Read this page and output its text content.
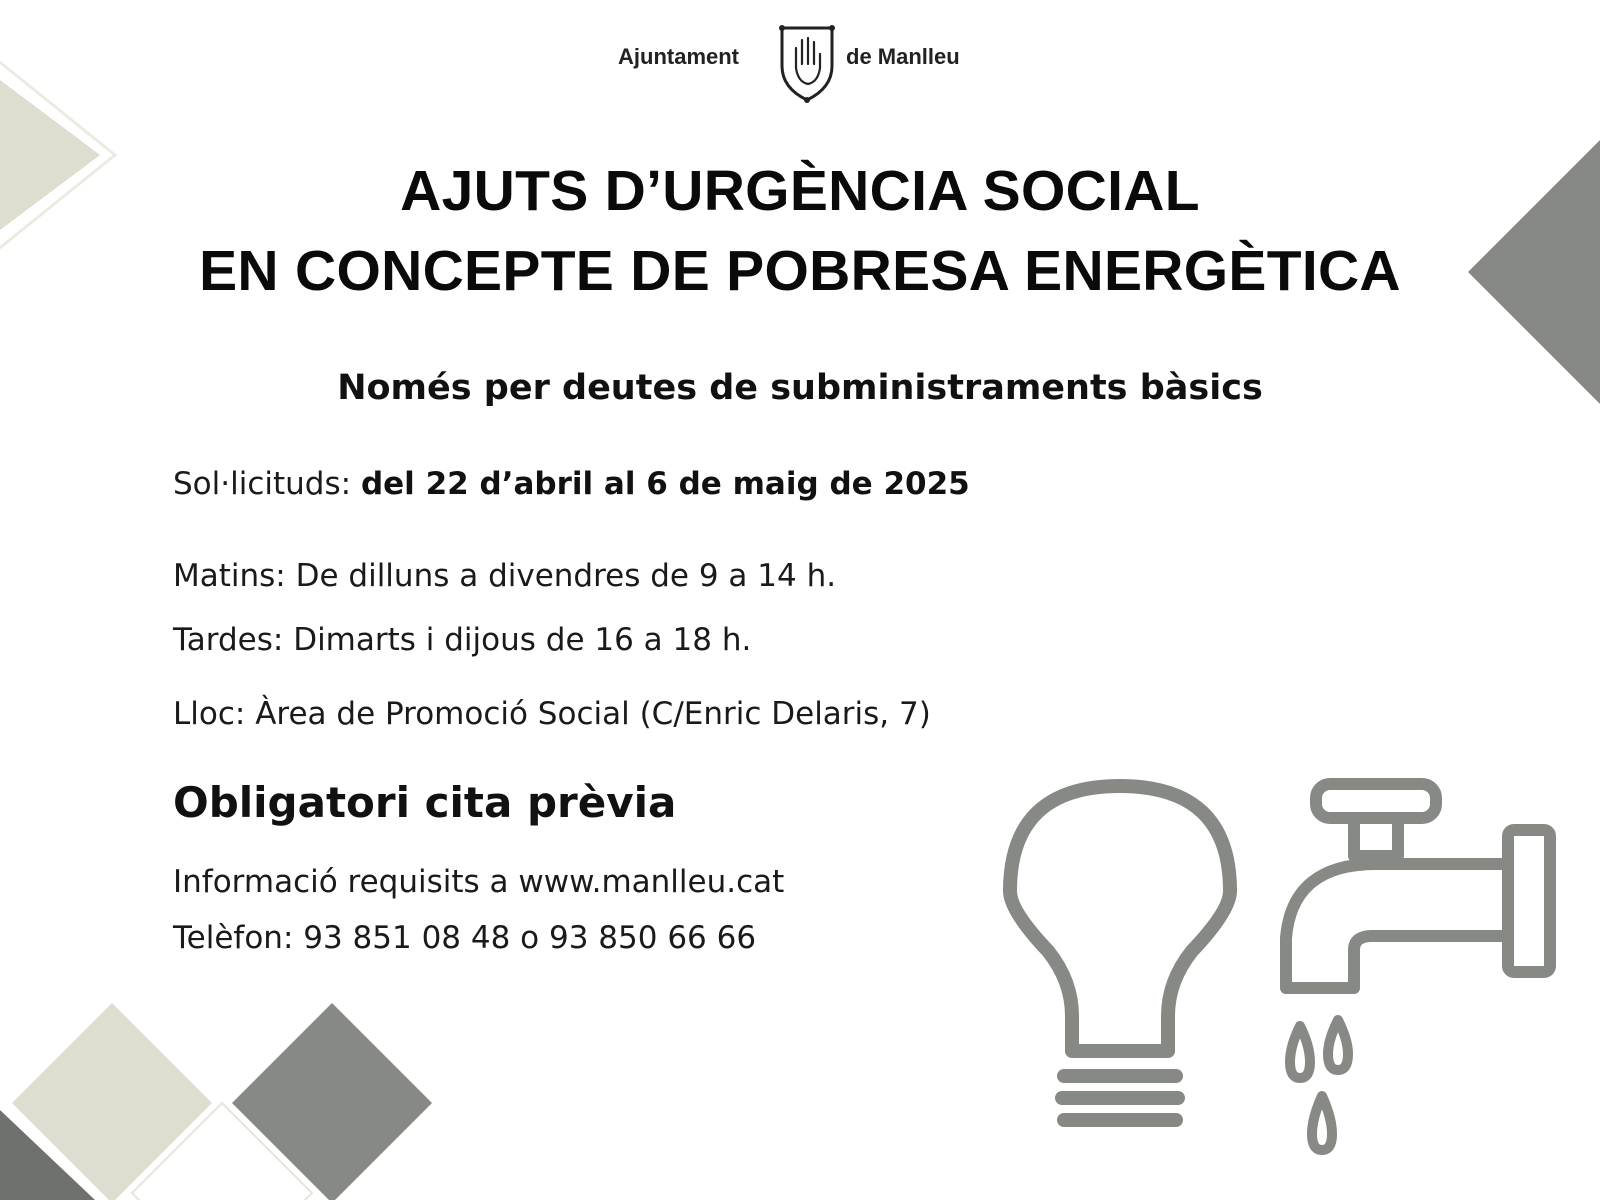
Ajuntament	de Manlleu
AJUTS D’URGÈNCIA SOCIAL
EN CONCEPTE DE POBRESA ENERGÈTICA
Només per deutes de subministraments bàsics
Sol·licituds: del 22 d’abril al 6 de maig de 2025
Matins: De dilluns a divendres de 9 a 14 h.
Tardes: Dimarts i dijous de 16 a 18 h.
Lloc: Àrea de Promoció Social (C/Enric Delaris, 7)
Obligatori cita prèvia
Informació requisits a www.manlleu.cat
Telèfon: 93 851 08 48 o 93 850 66 66
